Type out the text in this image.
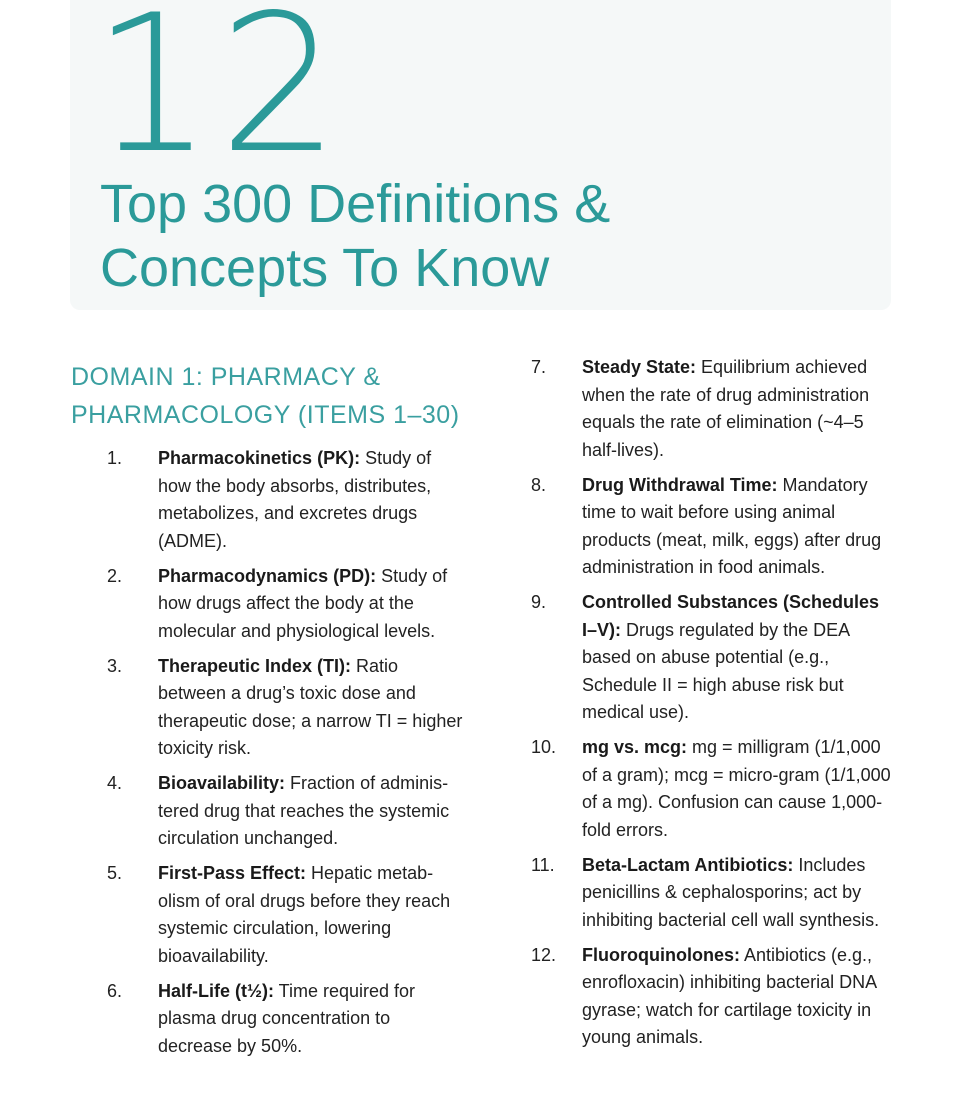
12
Top 300 Definitions & Concepts To Know
DOMAIN 1: PHARMACY & PHARMACOLOGY (ITEMS 1–30)
1.	Pharmacokinetics (PK): Study of how the body absorbs, distributes, metabolizes, and excretes drugs (ADME).
2.	Pharmacodynamics (PD): Study of how drugs affect the body at the molecular and physiological levels.
3.	Therapeutic Index (TI): Ratio between a drug’s toxic dose and therapeutic dose; a narrow TI = higher toxicity risk.
4.	Bioavailability: Fraction of adminis-tered drug that reaches the systemic circulation unchanged.
5.	First-Pass Effect: Hepatic metab-olism of oral drugs before they reach systemic circulation, lowering bioavailability.
6.	Half-Life (t½): Time required for plasma drug concentration to decrease by 50%.
7.	Steady State: Equilibrium achieved when the rate of drug administration equals the rate of elimination (~4–5 half-lives).
8.	Drug Withdrawal Time: Mandatory time to wait before using animal products (meat, milk, eggs) after drug administration in food animals.
9.	Controlled Substances (Schedules I–V): Drugs regulated by the DEA based on abuse potential (e.g., Schedule II = high abuse risk but medical use).
10.	mg vs. mcg: mg = milligram (1/1,000 of a gram); mcg = micro-gram (1/1,000 of a mg). Confusion can cause 1,000-fold errors.
11.	Beta-Lactam Antibiotics: Includes penicillins & cephalosporins; act by inhibiting bacterial cell wall synthesis.
12.	Fluoroquinolones: Antibiotics (e.g., enrofloxacin) inhibiting bacterial DNA gyrase; watch for cartilage toxicity in young animals.
